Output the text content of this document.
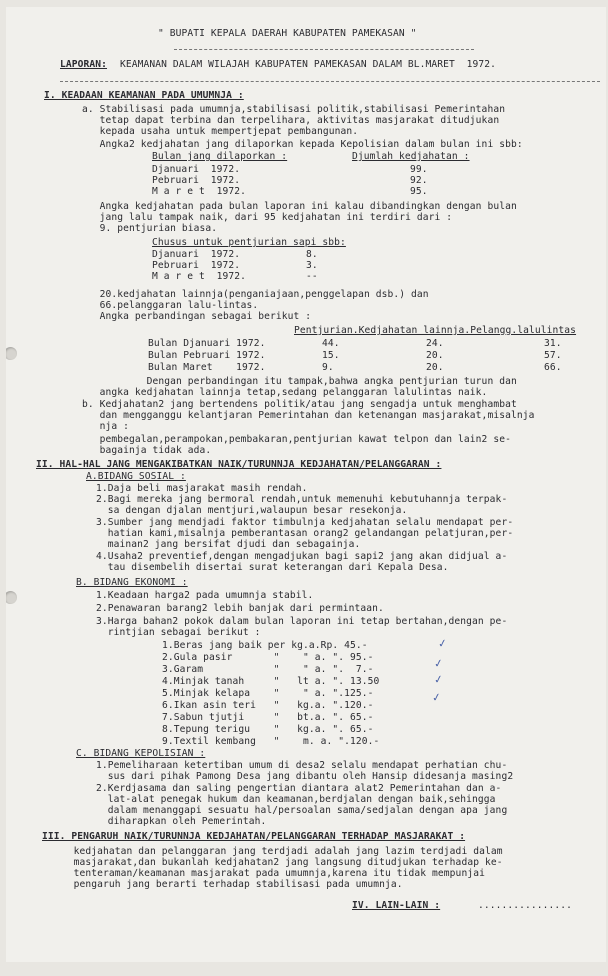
" BUPATI KEPALA DAERAH KABUPATEN PAMEKASAN "
LAPORAN: KEAMANAN DALAM WILAJAH KABUPATEN PAMEKASAN DALAM BL.MARET  1972.
I. KEADAAN KEAMANAN PADA UMUMNJA :
a. Stabilisasi pada umumnja,stabilisasi politik,stabilisasi Pemerintahan
tetap dapat terbina dan terpelihara, aktivitas masjarakat ditudjukan
kepada usaha untuk mempertjepat pembangunan.
Angka2 kedjahatan jang dilaporkan kepada Kepolisian dalam bulan ini sbb:
Bulan jang dilaporkan :	Djumlah kedjahatan :
Djanuari  1972.	99.
Pebruari  1972.	92.
M a r e t  1972.	95.
Angka kedjahatan pada bulan laporan ini kalau dibandingkan dengan bulan
jang lalu tampak naik, dari 95 kedjahatan ini terdiri dari :
9. pentjurian biasa.
Chusus untuk pentjurian sapi sbb:
Djanuari  1972.	8.
Pebruari  1972.	3.
M a r e t  1972.	--
20.kedjahatan lainnja(penganiajaan,penggelapan dsb.) dan
66.pelanggaran lalu-lintas.
Angka perbandingan sebagai berikut :
Pentjurian.Kedjahatan lainnja.Pelangg.lalulintas
Bulan Djanuari 1972.	44.	24.	31.
Bulan Pebruari 1972.	15.	20.	57.
Bulan Maret    1972.	9.	20.	66.
Dengan perbandingan itu tampak,bahwa angka pentjurian turun dan
angka kedjahatan lainnja tetap,sedang pelanggaran lalulintas naik.
b. Kedjahatan2 jang bertendens politik/atau jang sengadja untuk menghambat
dan mengganggu kelantjaran Pemerintahan dan ketenangan masjarakat,misalnja
nja :
pembegalan,perampokan,pembakaran,pentjurian kawat telpon dan lain2 se-
bagainja tidak ada.
II. HAL-HAL JANG MENGAKIBATKAN NAIK/TURUNNJA KEDJAHATAN/PELANGGARAN :
A.BIDANG SOSIAL :
1.Daja beli masjarakat masih rendah.
2.Bagi mereka jang bermoral rendah,untuk memenuhi kebutuhannja terpak-
sa dengan djalan mentjuri,walaupun besar resekonja.
3.Sumber jang mendjadi faktor timbulnja kedjahatan selalu mendapat per-
hatian kami,misalnja pemberantasan orang2 gelandangan pelatjuran,per-
mainan2 jang bersifat djudi dan sebagainja.
4.Usaha2 preventief,dengan mengadjukan bagi sapi2 jang akan didjual a-
tau disembelih disertai surat keterangan dari Kepala Desa.
B. BIDANG EKONOMI :
1.Keadaan harga2 pada umumnja stabil.
2.Penawaran barang2 lebih banjak dari permintaan.
3.Harga bahan2 pokok dalam bulan laporan ini tetap bertahan,dengan pe-
rintjian sebagai berikut :
1.Beras jang baik per kg.a.Rp. 45.-
2.Gula pasir       "    " a. ". 95.-
3.Garam            "    " a. ".  7.-
4.Minjak tanah     "   lt a. ". 13.50
5.Minjak kelapa    "    " a. ".125.-
6.Ikan asin teri   "   kg.a. ".120.-
7.Sabun tjutji     "   bt.a. ". 65.-
8.Tepung terigu    "   kg.a. ". 65.-
9.Textil kembang   "    m. a. ".120.-
✓
✓
✓
✓
C. BIDANG KEPOLISIAN :
1.Pemeliharaan ketertiban umum di desa2 selalu mendapat perhatian chu-
sus dari pihak Pamong Desa jang dibantu oleh Hansip didesanja masing2
2.Kerdjasama dan saling pengertian diantara alat2 Pemerintahan dan a-
lat-alat penegak hukum dan keamanan,berdjalan dengan baik,sehingga
dalam menanggapi sesuatu hal/persoalan sama/sedjalan dengan apa jang
diharapkan oleh Pemerintah.
III. PENGARUH NAIK/TURUNNJA KEDJAHATAN/PELANGGARAN TERHADAP MASJARAKAT :
kedjahatan dan pelanggaran jang terdjadi adalah jang lazim terdjadi dalam
masjarakat,dan bukanlah kedjahatan2 jang langsung ditudjukan terhadap ke-
tenteraman/keamanan masjarakat pada umumnja,karena itu tidak mempunjai
pengaruh jang berarti terhadap stabilisasi pada umumnja.
IV. LAIN-LAIN :	................
